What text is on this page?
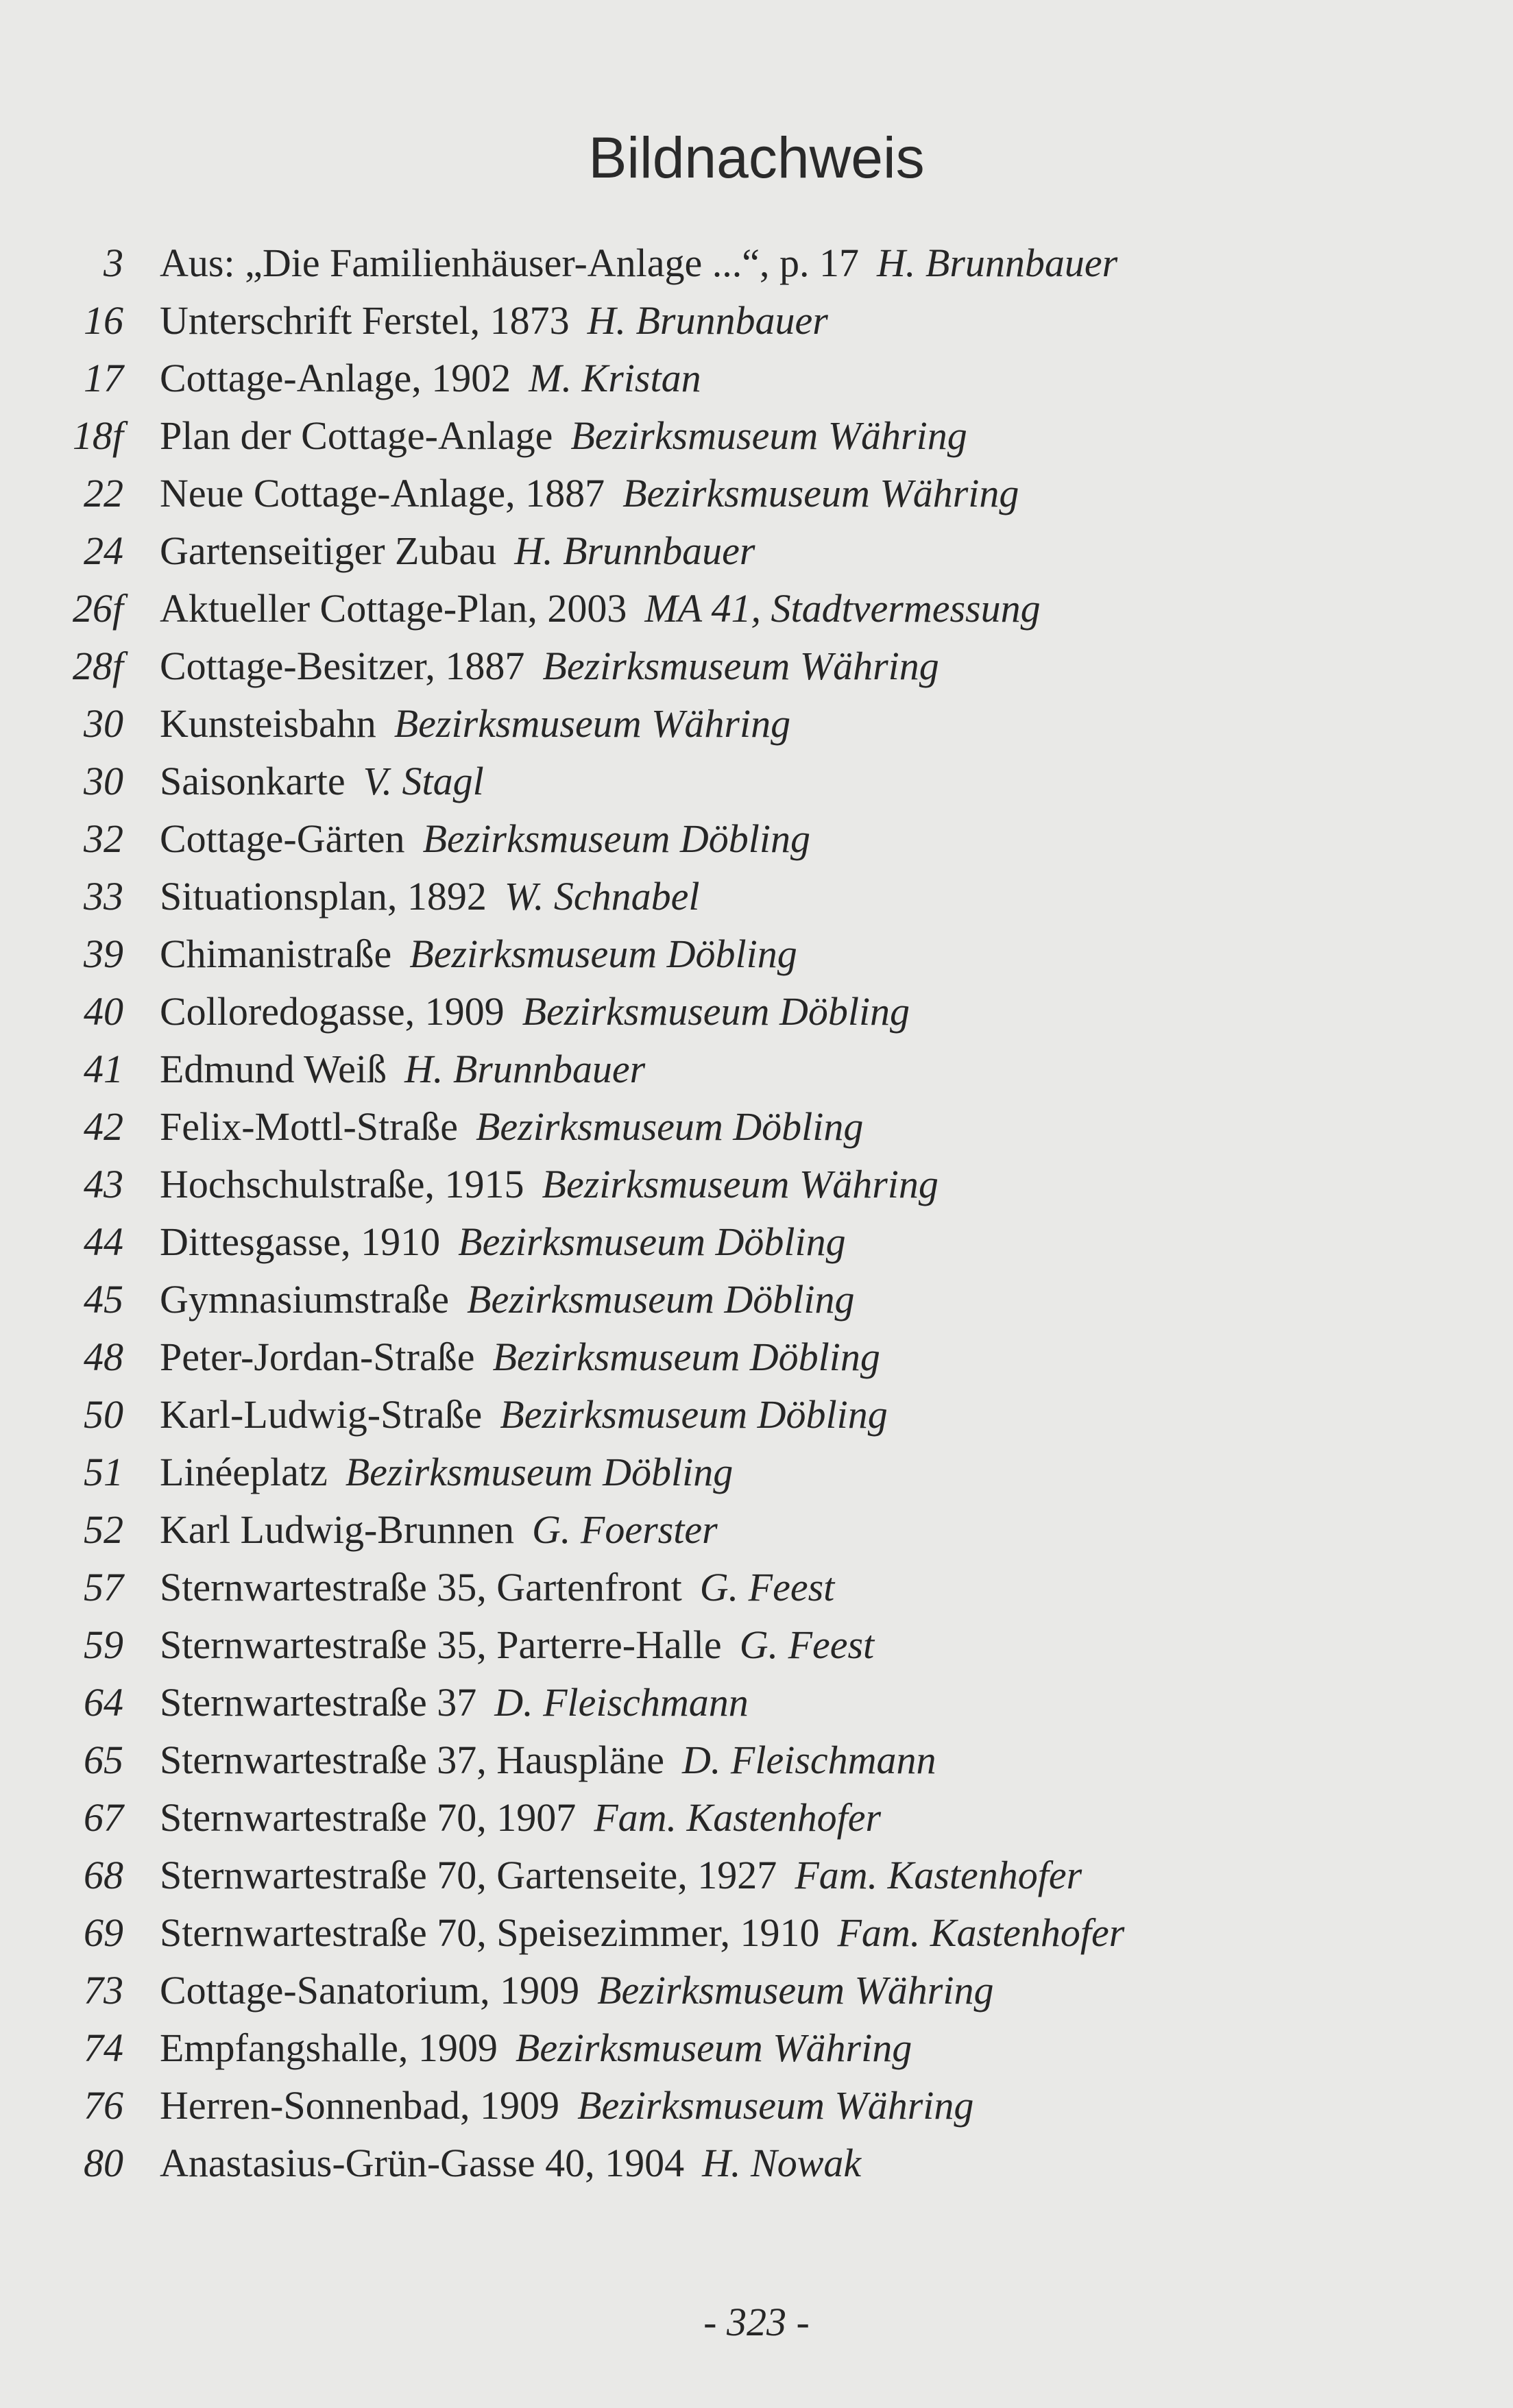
Bildnachweis
3 Aus: „Die Familienhäuser-Anlage ...“, p. 17 H. Brunnbauer
16 Unterschrift Ferstel, 1873 H. Brunnbauer
17 Cottage-Anlage, 1902 M. Kristan
18f Plan der Cottage-Anlage Bezirksmuseum Währing
22 Neue Cottage-Anlage, 1887 Bezirksmuseum Währing
24 Gartenseitiger Zubau H. Brunnbauer
26f Aktueller Cottage-Plan, 2003 MA 41, Stadtvermessung
28f Cottage-Besitzer, 1887 Bezirksmuseum Währing
30 Kunsteisbahn Bezirksmuseum Währing
30 Saisonkarte V. Stagl
32 Cottage-Gärten Bezirksmuseum Döbling
33 Situationsplan, 1892 W. Schnabel
39 Chimanistraße Bezirksmuseum Döbling
40 Colloredogasse, 1909 Bezirksmuseum Döbling
41 Edmund Weiß H. Brunnbauer
42 Felix-Mottl-Straße Bezirksmuseum Döbling
43 Hochschulstraße, 1915 Bezirksmuseum Währing
44 Dittesgasse, 1910 Bezirksmuseum Döbling
45 Gymnasiumstraße Bezirksmuseum Döbling
48 Peter-Jordan-Straße Bezirksmuseum Döbling
50 Karl-Ludwig-Straße Bezirksmuseum Döbling
51 Linéeplatz Bezirksmuseum Döbling
52 Karl Ludwig-Brunnen G. Foerster
57 Sternwartestraße 35, Gartenfront G. Feest
59 Sternwartestraße 35, Parterre-Halle G. Feest
64 Sternwartestraße 37 D. Fleischmann
65 Sternwartestraße 37, Hauspläne D. Fleischmann
67 Sternwartestraße 70, 1907 Fam. Kastenhofer
68 Sternwartestraße 70, Gartenseite, 1927 Fam. Kastenhofer
69 Sternwartestraße 70, Speisezimmer, 1910 Fam. Kastenhofer
73 Cottage-Sanatorium, 1909 Bezirksmuseum Währing
74 Empfangshalle, 1909 Bezirksmuseum Währing
76 Herren-Sonnenbad, 1909 Bezirksmuseum Währing
80 Anastasius-Grün-Gasse 40, 1904 H. Nowak
- 323 -
